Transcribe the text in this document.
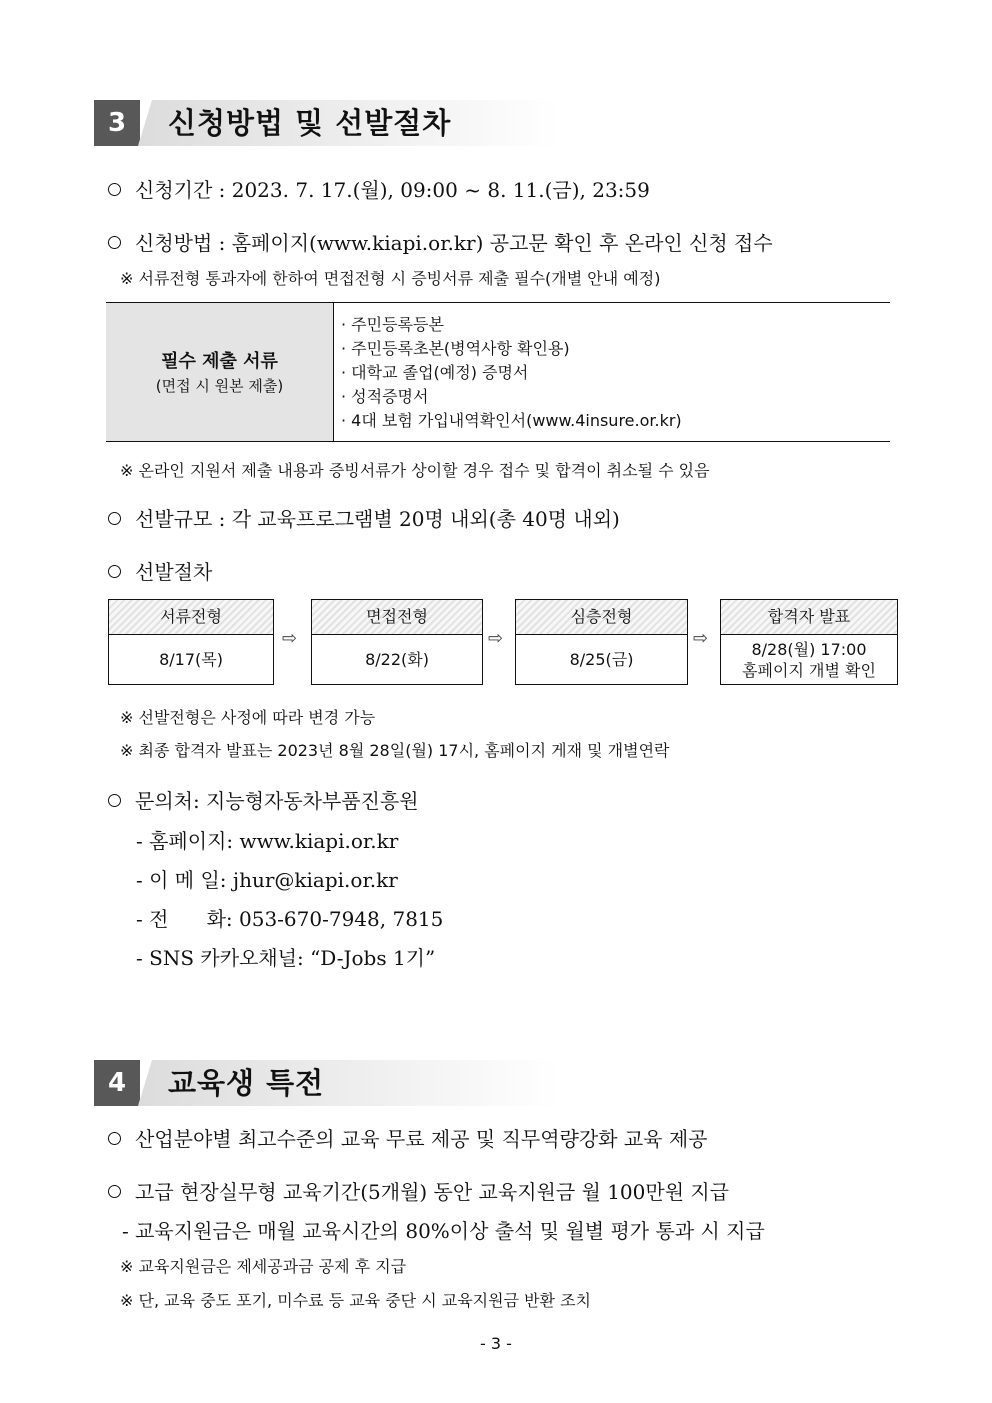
3	신청방법 및 선발절차
신청기간 : 2023. 7. 17.(월), 09:00 ~ 8. 11.(금), 23:59
신청방법 : 홈페이지(www.kiapi.or.kr) 공고문 확인 후 온라인 신청 접수
※ 서류전형 통과자에 한하여 면접전형 시 증빙서류 제출 필수(개별 안내 예정)
필수 제출 서류
(면접 시 원본 제출)
· 주민등록등본
· 주민등록초본(병역사항 확인용)
· 대학교 졸업(예정) 증명서
· 성적증명서
· 4대 보험 가입내역확인서(www.4insure.or.kr)
※ 온라인 지원서 제출 내용과 증빙서류가 상이할 경우 접수 및 합격이 취소될 수 있음
선발규모 : 각 교육프로그램별 20명 내외(총 40명 내외)
선발절차
서류전형
8/17(목)
⇨
면접전형
8/22(화)
⇨
심층전형
8/25(금)
⇨
합격자 발표
8/28(월) 17:00
홈페이지 개별 확인
※ 선발전형은 사정에 따라 변경 가능
※ 최종 합격자 발표는 2023년 8월 28일(월) 17시, 홈페이지 게재 및 개별연락
문의처: 지능형자동차부품진흥원
- 홈페이지: www.kiapi.or.kr
- 이 메 일: jhur@kiapi.or.kr
- 전      화: 053-670-7948, 7815
- SNS 카카오채널: “D-Jobs 1기”
4	교육생 특전
산업분야별 최고수준의 교육 무료 제공 및 직무역량강화 교육 제공
고급 현장실무형 교육기간(5개월) 동안 교육지원금 월 100만원 지급
- 교육지원금은 매월 교육시간의 80%이상 출석 및 월별 평가 통과 시 지급
※ 교육지원금은 제세공과금 공제 후 지급
※ 단, 교육 중도 포기, 미수료 등 교육 중단 시 교육지원금 반환 조치
- 3 -
